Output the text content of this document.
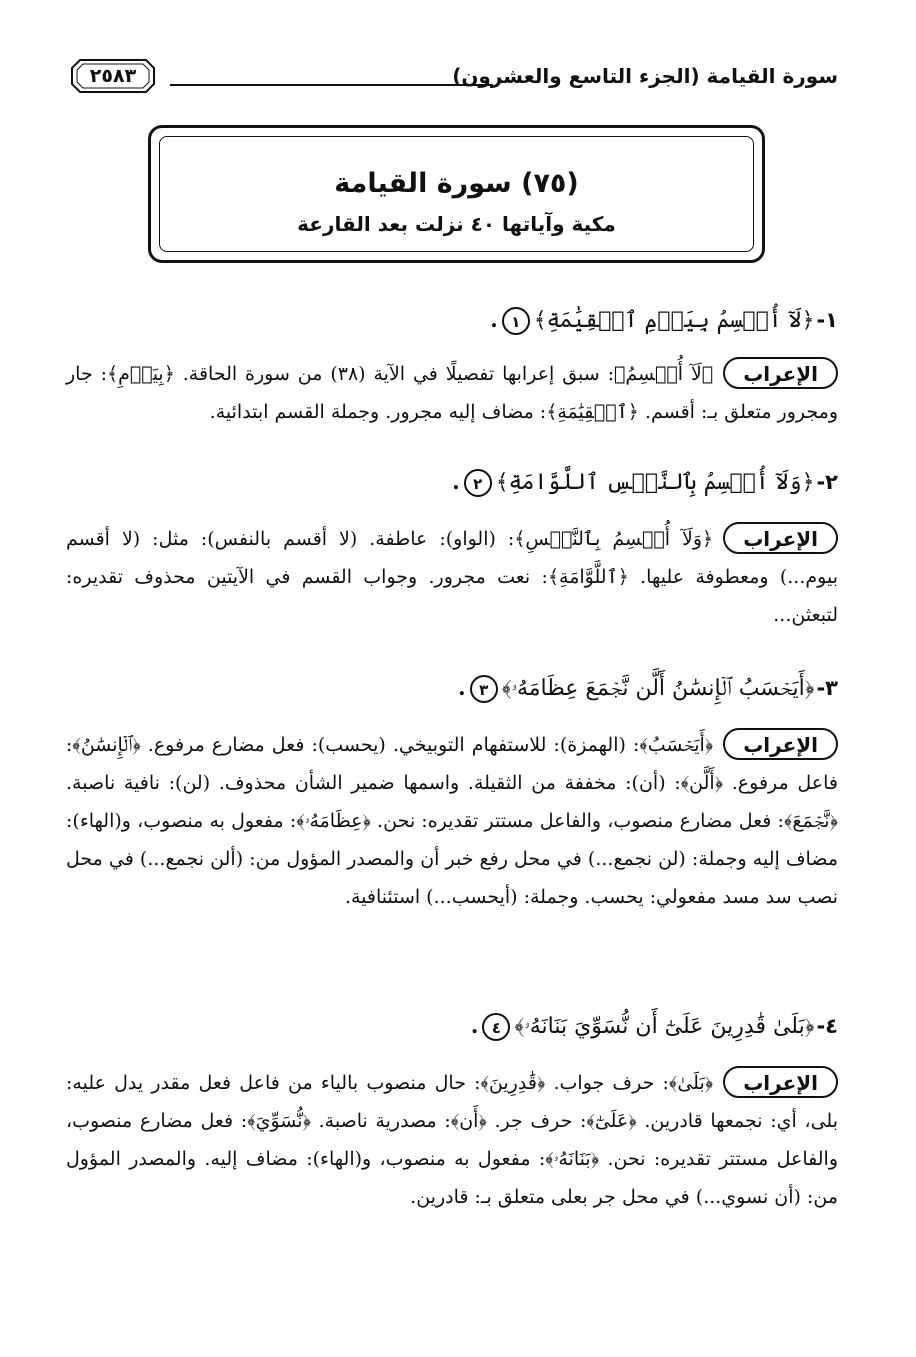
سورة القيامة (الجزء التاسع والعشرون)
٢٥٨٣
(٧٥) سورة القيامة
مكية وآياتها ٤٠ نزلت بعد القارعة
١-﴿ لَآ أُقۡسِمُ بِيَوۡمِ ٱلۡقِيَٰمَةِ ﴾١.
الإعراب
﴿لَآ أُقۡسِمُ﴾: سبق إعرابها تفصيلًا في الآية (٣٨) من سورة الحاقة. ﴿بِيَوۡمِ﴾: جار ومجرور متعلق بـ: أقسم. ﴿ٱلۡقِيَٰمَةِ﴾: مضاف إليه مجرور. وجملة القسم ابتدائية.
٢-﴿ وَلَآ أُقۡسِمُ بِٱلنَّفۡسِ ٱللَّوَّامَةِ ﴾٢.
الإعراب
﴿وَلَآ أُقۡسِمُ بِٱلنَّفۡسِ﴾: (الواو): عاطفة. (لا أقسم بالنفس): مثل: (لا أقسم بيوم...) ومعطوفة عليها. ﴿ٱللَّوَّامَةِ﴾: نعت مجرور. وجواب القسم في الآيتين محذوف تقديره: لتبعثن...
٣-﴿ أَيَحۡسَبُ ٱلۡإِنسَٰنُ أَلَّن نَّجۡمَعَ عِظَامَهُۥ ﴾٣.
الإعراب
﴿أَيَحۡسَبُ﴾: (الهمزة): للاستفهام التوبيخي. (يحسب): فعل مضارع مرفوع. ﴿ٱلۡإِنسَٰنُ﴾: فاعل مرفوع. ﴿أَلَّن﴾: (أن): مخففة من الثقيلة. واسمها ضمير الشأن محذوف. (لن): نافية ناصبة. ﴿نَّجۡمَعَ﴾: فعل مضارع منصوب، والفاعل مستتر تقديره: نحن. ﴿عِظَامَهُۥ﴾: مفعول به منصوب، و(الهاء): مضاف إليه وجملة: (لن نجمع...) في محل رفع خبر أن والمصدر المؤول من: (ألن نجمع...) في محل نصب سد مسد مفعولي: يحسب. وجملة: (أيحسب...) استئنافية.
٤-﴿ بَلَىٰ قَٰدِرِينَ عَلَىٰٓ أَن نُّسَوِّيَ بَنَانَهُۥ ﴾٤.
الإعراب
﴿بَلَىٰ﴾: حرف جواب. ﴿قَٰدِرِينَ﴾: حال منصوب بالياء من فاعل فعل مقدر يدل عليه: بلى، أي: نجمعها قادرين. ﴿عَلَىٰٓ﴾: حرف جر. ﴿أَن﴾: مصدرية ناصبة. ﴿نُّسَوِّيَ﴾: فعل مضارع منصوب، والفاعل مستتر تقديره: نحن. ﴿بَنَانَهُۥ﴾: مفعول به منصوب، و(الهاء): مضاف إليه. والمصدر المؤول من: (أن نسوي...) في محل جر بعلى متعلق بـ: قادرين.
